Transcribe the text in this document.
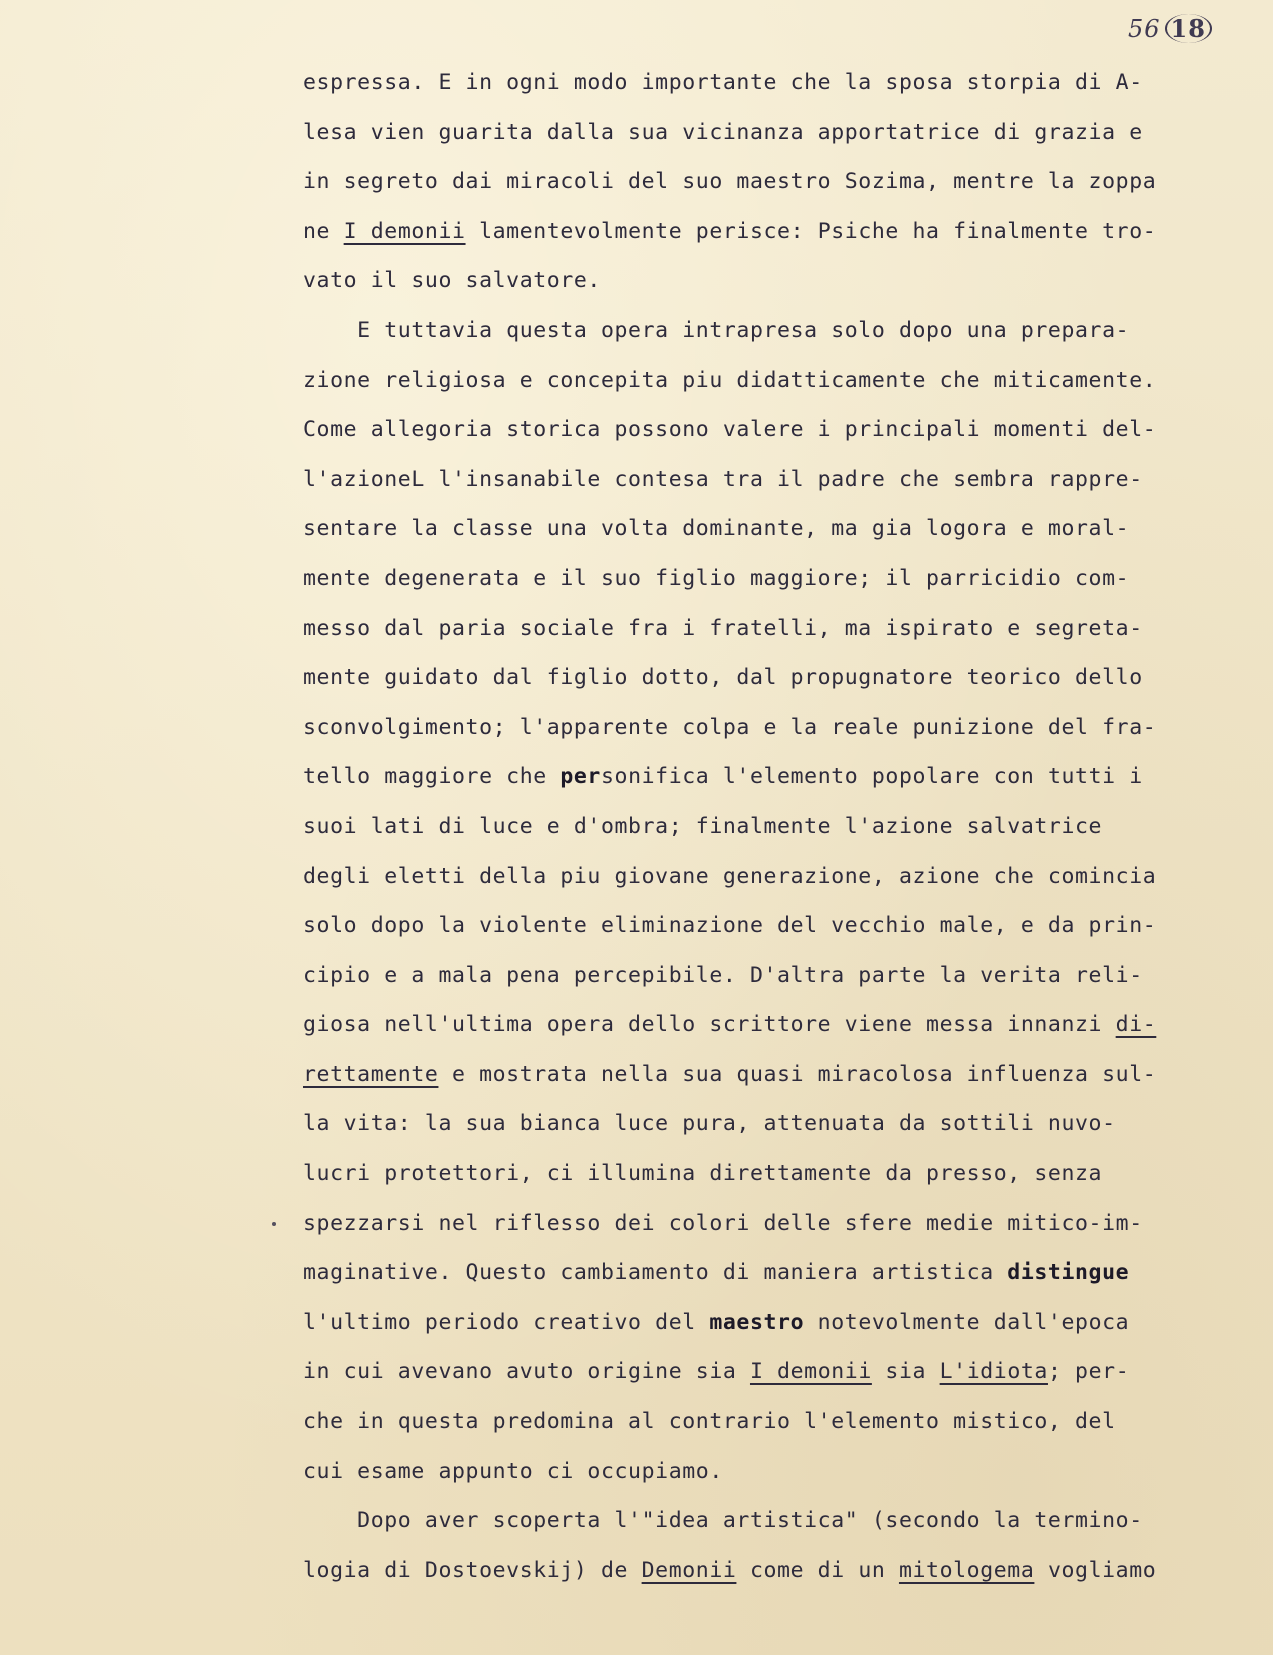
56 18
espressa. E in ogni modo importante che la sposa storpia di A-
lesa vien guarita dalla sua vicinanza apportatrice di grazia e
in segreto dai miracoli del suo maestro Sozima, mentre la zoppa
ne I demonii lamentevolmente perisce: Psiche ha finalmente tro-
vato il suo salvatore.
E tuttavia questa opera intrapresa solo dopo una prepara-
zione religiosa e concepita piu didatticamente che miticamente.
Come allegoria storica possono valere i principali momenti del-
l'azioneL l'insanabile contesa tra il padre che sembra rappre-
sentare la classe una volta dominante, ma gia logora e moral-
mente degenerata e il suo figlio maggiore; il parricidio com-
messo dal paria sociale fra i fratelli, ma ispirato e segreta-
mente guidato dal figlio dotto, dal propugnatore teorico dello
sconvolgimento; l'apparente colpa e la reale punizione del fra-
tello maggiore che personifica l'elemento popolare con tutti i
suoi lati di luce e d'ombra; finalmente l'azione salvatrice
degli eletti della piu giovane generazione, azione che comincia
solo dopo la violente eliminazione del vecchio male, e da prin-
cipio e a mala pena percepibile. D'altra parte la verita reli-
giosa nell'ultima opera dello scrittore viene messa innanzi di-
rettamente e mostrata nella sua quasi miracolosa influenza sul-
la vita: la sua bianca luce pura, attenuata da sottili nuvo-
lucri protettori, ci illumina direttamente da presso, senza
spezzarsi nel riflesso dei colori delle sfere medie mitico-im-
maginative. Questo cambiamento di maniera artistica distingue
l'ultimo periodo creativo del maestro notevolmente dall'epoca
in cui avevano avuto origine sia I demonii sia L'idiota; per-
che in questa predomina al contrario l'elemento mistico, del
cui esame appunto ci occupiamo.
Dopo aver scoperta l'"idea artistica" (secondo la termino-
logia di Dostoevskij) de Demonii come di un mitologema vogliamo
